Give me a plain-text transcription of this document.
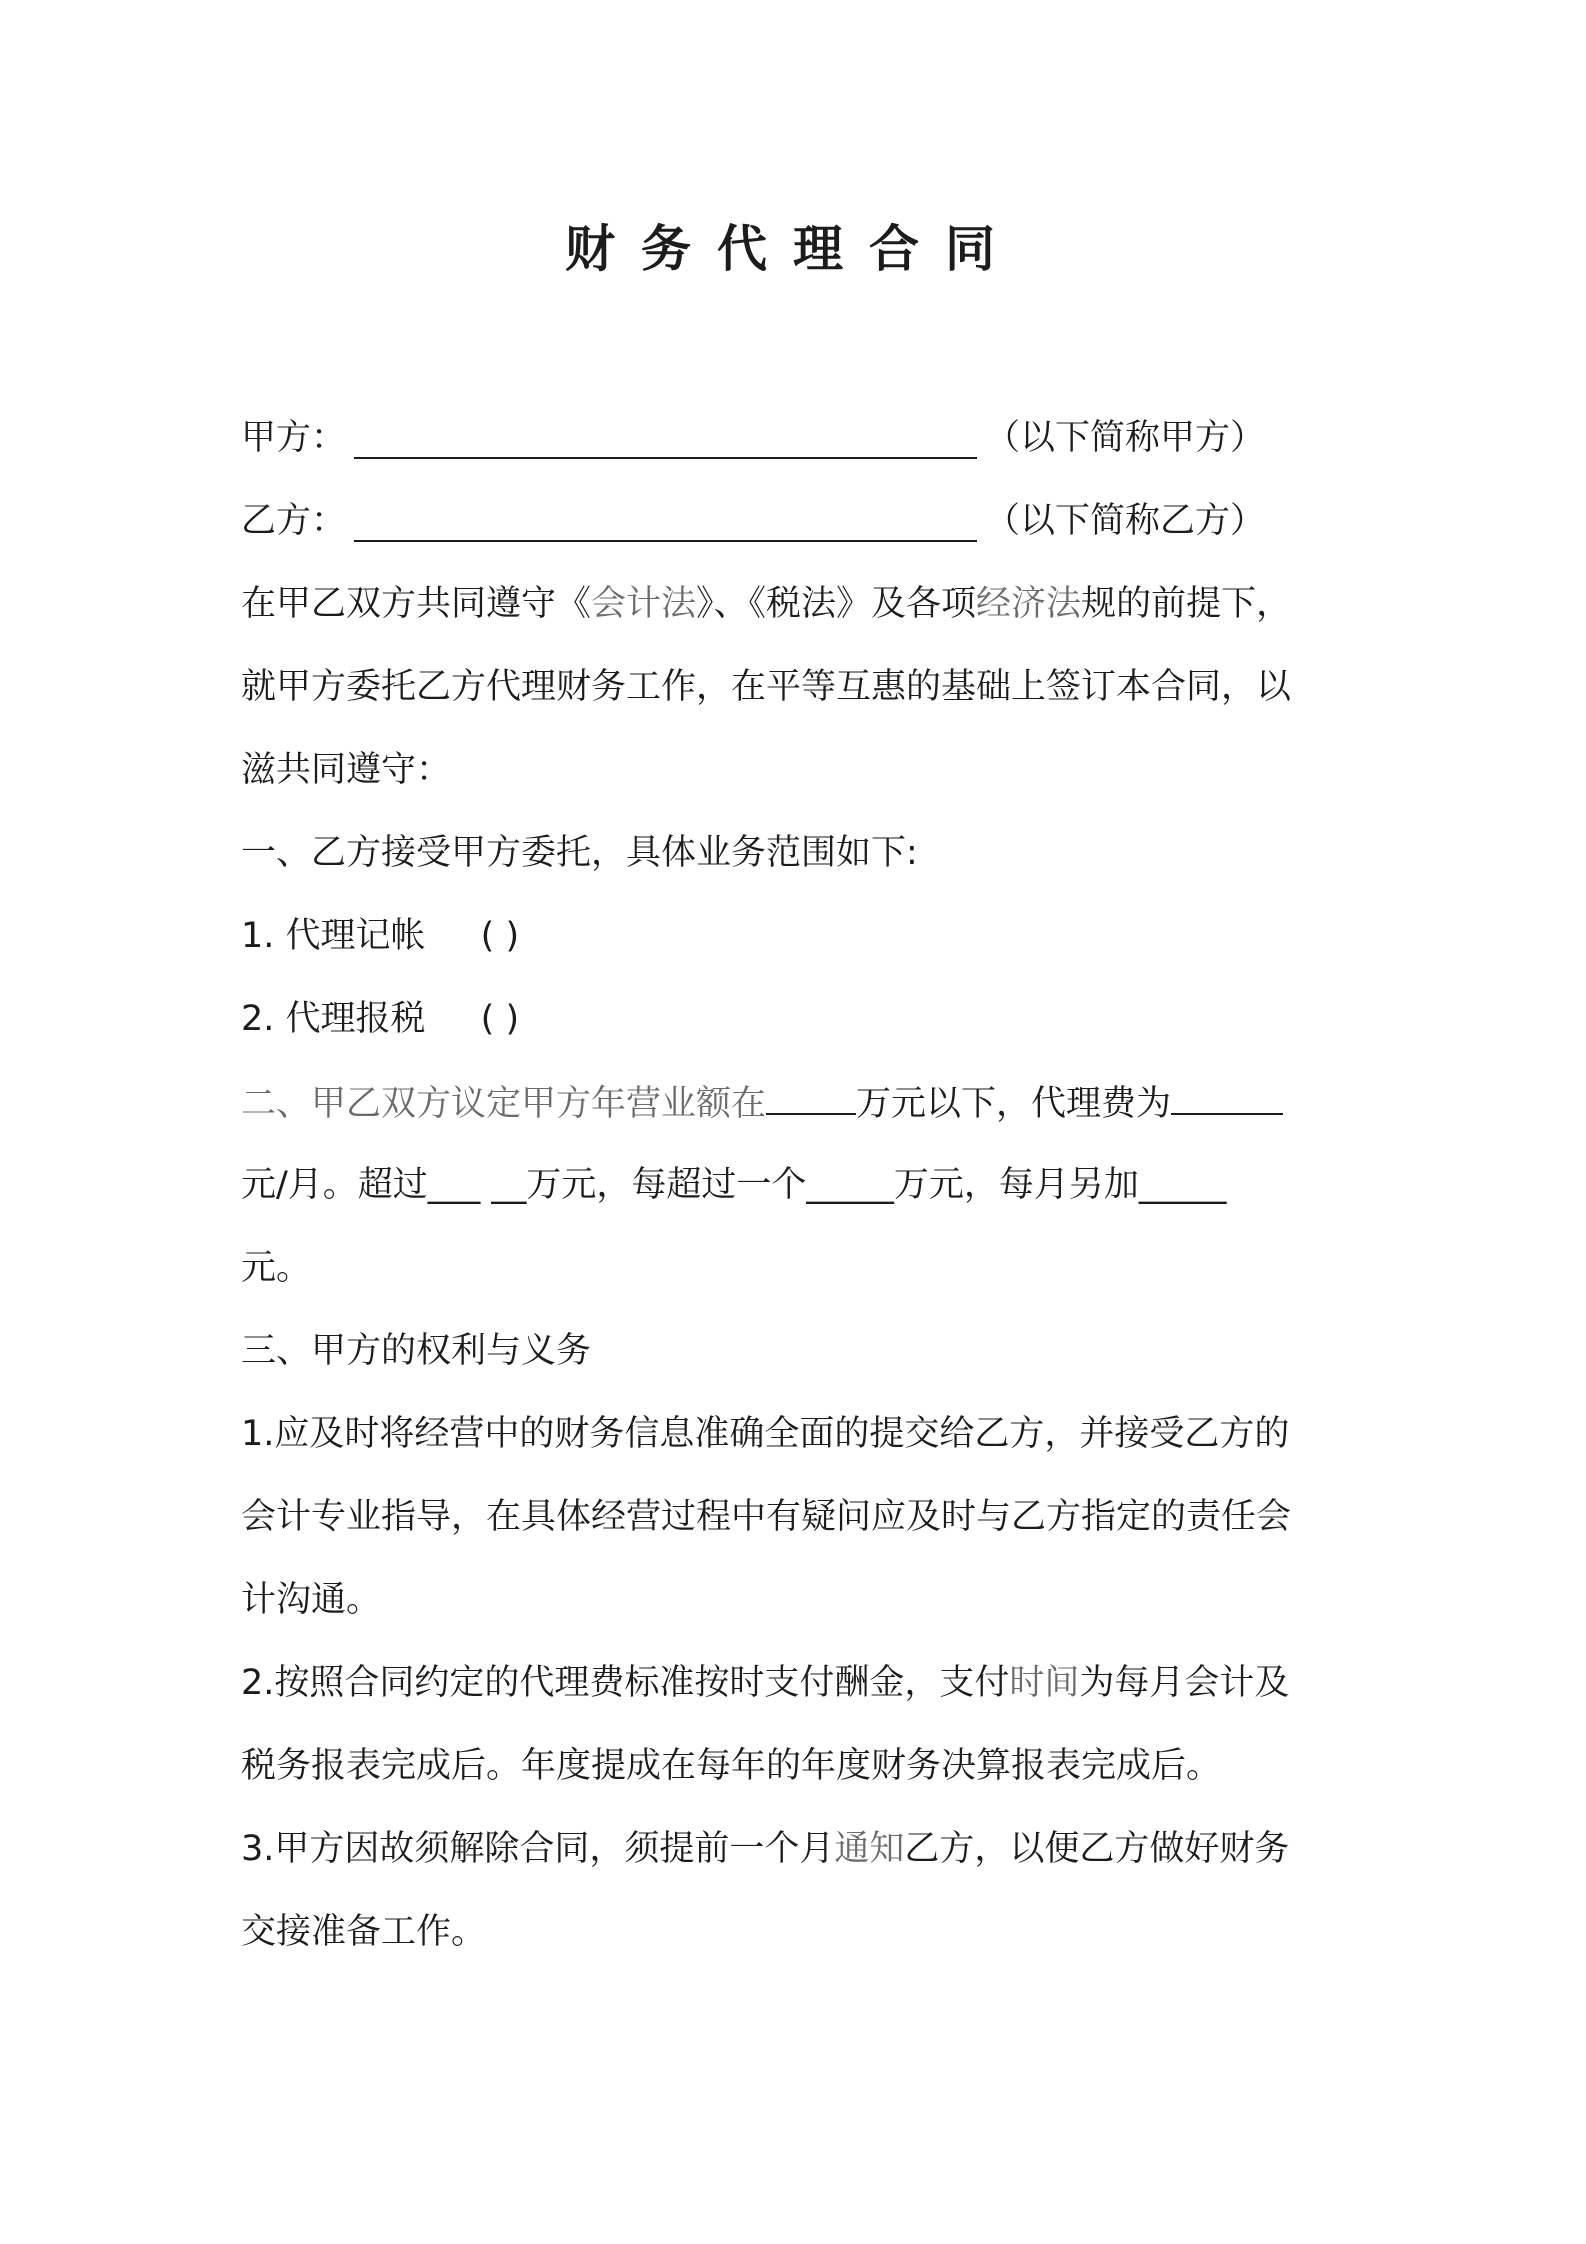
财务代理合同
甲方：	（以下简称甲方）
乙方：	（以下简称乙方）
在甲乙双方共同遵守《会计法》、《税法》及各项经济法规的前提下，
就甲方委托乙方代理财务工作，在平等互惠的基础上签订本合同，以
滋共同遵守：
一、乙方接受甲方委托，具体业务范围如下:
1. 代理记帐 ( )
2. 代理报税 ( )
二、甲乙双方议定甲方年营业额在	万元以下，代理费为
元/月。超过___ __万元，每超过一个_____万元，每月另加_____
元。
三、甲方的权利与义务
1.应及时将经营中的财务信息准确全面的提交给乙方，并接受乙方的
会计专业指导，在具体经营过程中有疑问应及时与乙方指定的责任会
计沟通。
2.按照合同约定的代理费标准按时支付酬金，支付时间为每月会计及
税务报表完成后。年度提成在每年的年度财务决算报表完成后。
3.甲方因故须解除合同，须提前一个月通知乙方，以便乙方做好财务
交接准备工作。
